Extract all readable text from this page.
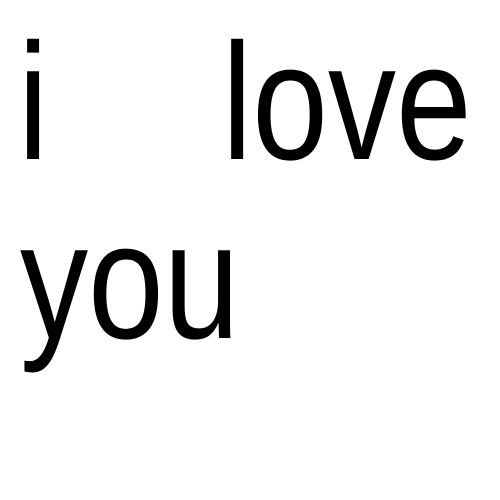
i love
you
